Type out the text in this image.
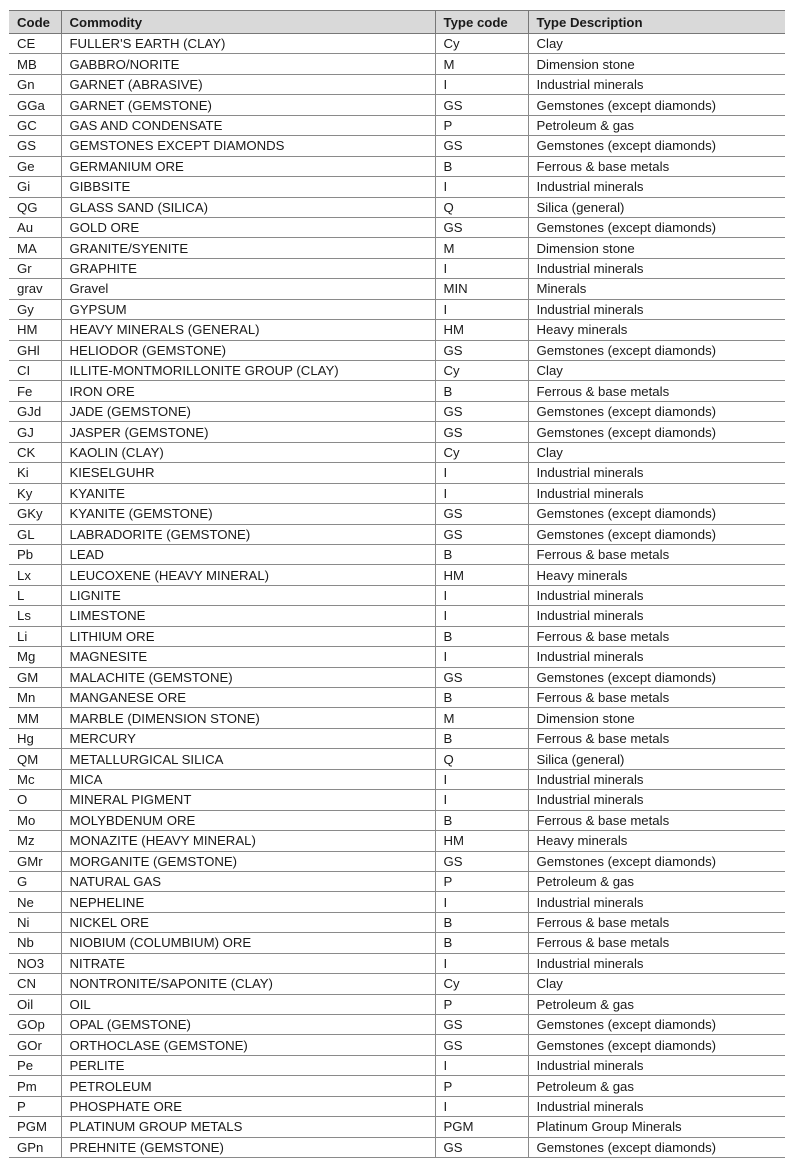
Code	Commodity	Type code	Type Description
CE	FULLER'S EARTH (CLAY)	Cy	Clay
MB	GABBRO/NORITE	M	Dimension stone
Gn	GARNET (ABRASIVE)	I	Industrial minerals
GGa	GARNET (GEMSTONE)	GS	Gemstones (except diamonds)
GC	GAS AND CONDENSATE	P	Petroleum & gas
GS	GEMSTONES EXCEPT DIAMONDS	GS	Gemstones (except diamonds)
Ge	GERMANIUM ORE	B	Ferrous & base metals
Gi	GIBBSITE	I	Industrial minerals
QG	GLASS SAND (SILICA)	Q	Silica (general)
Au	GOLD ORE	GS	Gemstones (except diamonds)
MA	GRANITE/SYENITE	M	Dimension stone
Gr	GRAPHITE	I	Industrial minerals
grav	Gravel	MIN	Minerals
Gy	GYPSUM	I	Industrial minerals
HM	HEAVY MINERALS (GENERAL)	HM	Heavy minerals
GHl	HELIODOR (GEMSTONE)	GS	Gemstones (except diamonds)
CI	ILLITE-MONTMORILLONITE GROUP (CLAY)	Cy	Clay
Fe	IRON ORE	B	Ferrous & base metals
GJd	JADE (GEMSTONE)	GS	Gemstones (except diamonds)
GJ	JASPER (GEMSTONE)	GS	Gemstones (except diamonds)
CK	KAOLIN (CLAY)	Cy	Clay
Ki	KIESELGUHR	I	Industrial minerals
Ky	KYANITE	I	Industrial minerals
GKy	KYANITE (GEMSTONE)	GS	Gemstones (except diamonds)
GL	LABRADORITE (GEMSTONE)	GS	Gemstones (except diamonds)
Pb	LEAD	B	Ferrous & base metals
Lx	LEUCOXENE (HEAVY MINERAL)	HM	Heavy minerals
L	LIGNITE	I	Industrial minerals
Ls	LIMESTONE	I	Industrial minerals
Li	LITHIUM ORE	B	Ferrous & base metals
Mg	MAGNESITE	I	Industrial minerals
GM	MALACHITE (GEMSTONE)	GS	Gemstones (except diamonds)
Mn	MANGANESE ORE	B	Ferrous & base metals
MM	MARBLE (DIMENSION STONE)	M	Dimension stone
Hg	MERCURY	B	Ferrous & base metals
QM	METALLURGICAL SILICA	Q	Silica (general)
Mc	MICA	I	Industrial minerals
O	MINERAL PIGMENT	I	Industrial minerals
Mo	MOLYBDENUM ORE	B	Ferrous & base metals
Mz	MONAZITE (HEAVY MINERAL)	HM	Heavy minerals
GMr	MORGANITE (GEMSTONE)	GS	Gemstones (except diamonds)
G	NATURAL GAS	P	Petroleum & gas
Ne	NEPHELINE	I	Industrial minerals
Ni	NICKEL ORE	B	Ferrous & base metals
Nb	NIOBIUM (COLUMBIUM) ORE	B	Ferrous & base metals
NO3	NITRATE	I	Industrial minerals
CN	NONTRONITE/SAPONITE (CLAY)	Cy	Clay
Oil	OIL	P	Petroleum & gas
GOp	OPAL (GEMSTONE)	GS	Gemstones (except diamonds)
GOr	ORTHOCLASE (GEMSTONE)	GS	Gemstones (except diamonds)
Pe	PERLITE	I	Industrial minerals
Pm	PETROLEUM	P	Petroleum & gas
P	PHOSPHATE ORE	I	Industrial minerals
PGM	PLATINUM GROUP METALS	PGM	Platinum Group Minerals
GPn	PREHNITE (GEMSTONE)	GS	Gemstones (except diamonds)
